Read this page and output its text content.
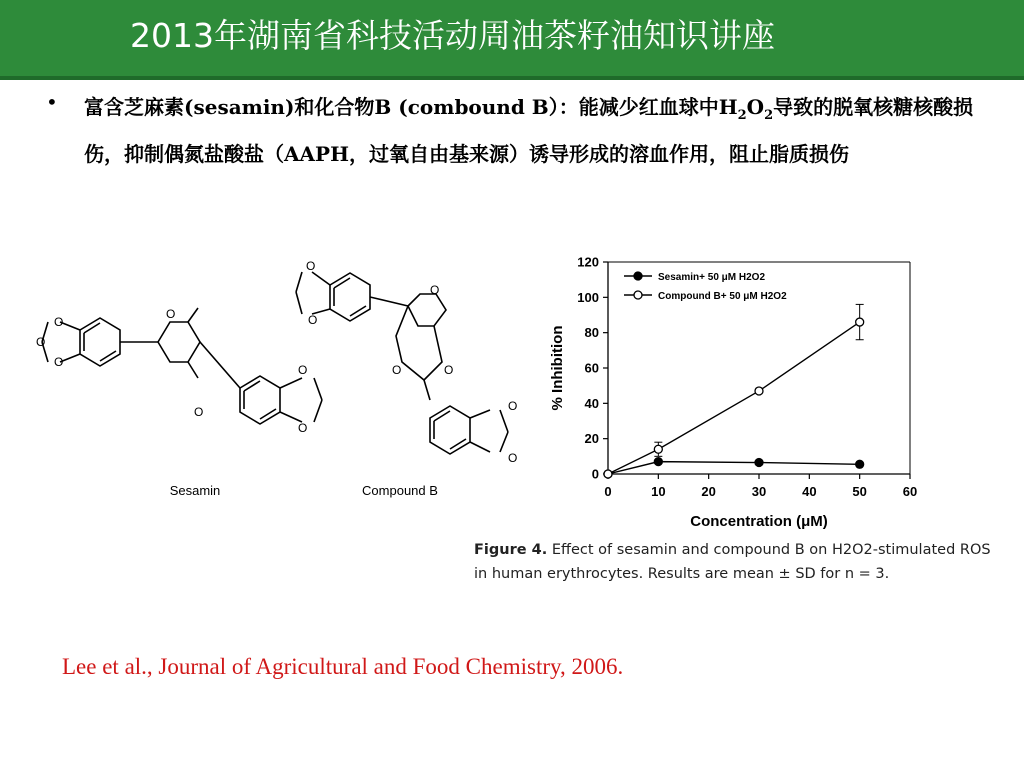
2013年湖南省科技活动周油茶籽油知识讲座
• 富含芝麻素(sesamin)和化合物B (combound B）：能减少红血球中$H_2O_2$导致的脱氧核糖核酸损伤，抑制偶氮盐酸盐（AAPH，过氧自由基来源）诱导形成的溶血作用，阻止脂质损伤
O
O
O
O
O
O
O
Sesamin
O
O
O
O	O
O
O
Compound B	0	10	20	30	40	50	60
0
20
40
60
80
100
120
Sesamin+ 50 μM H2O2
Compound B+ 50 μM H2O2
Concentration (μM)
% Inhibition
Figure 4. Effect of sesamin and compound B on H2O2-stimulated ROS
in human erythrocytes. Results are mean ± SD for n = 3.
Lee et al., Journal of Agricultural and Food Chemistry, 2006.
